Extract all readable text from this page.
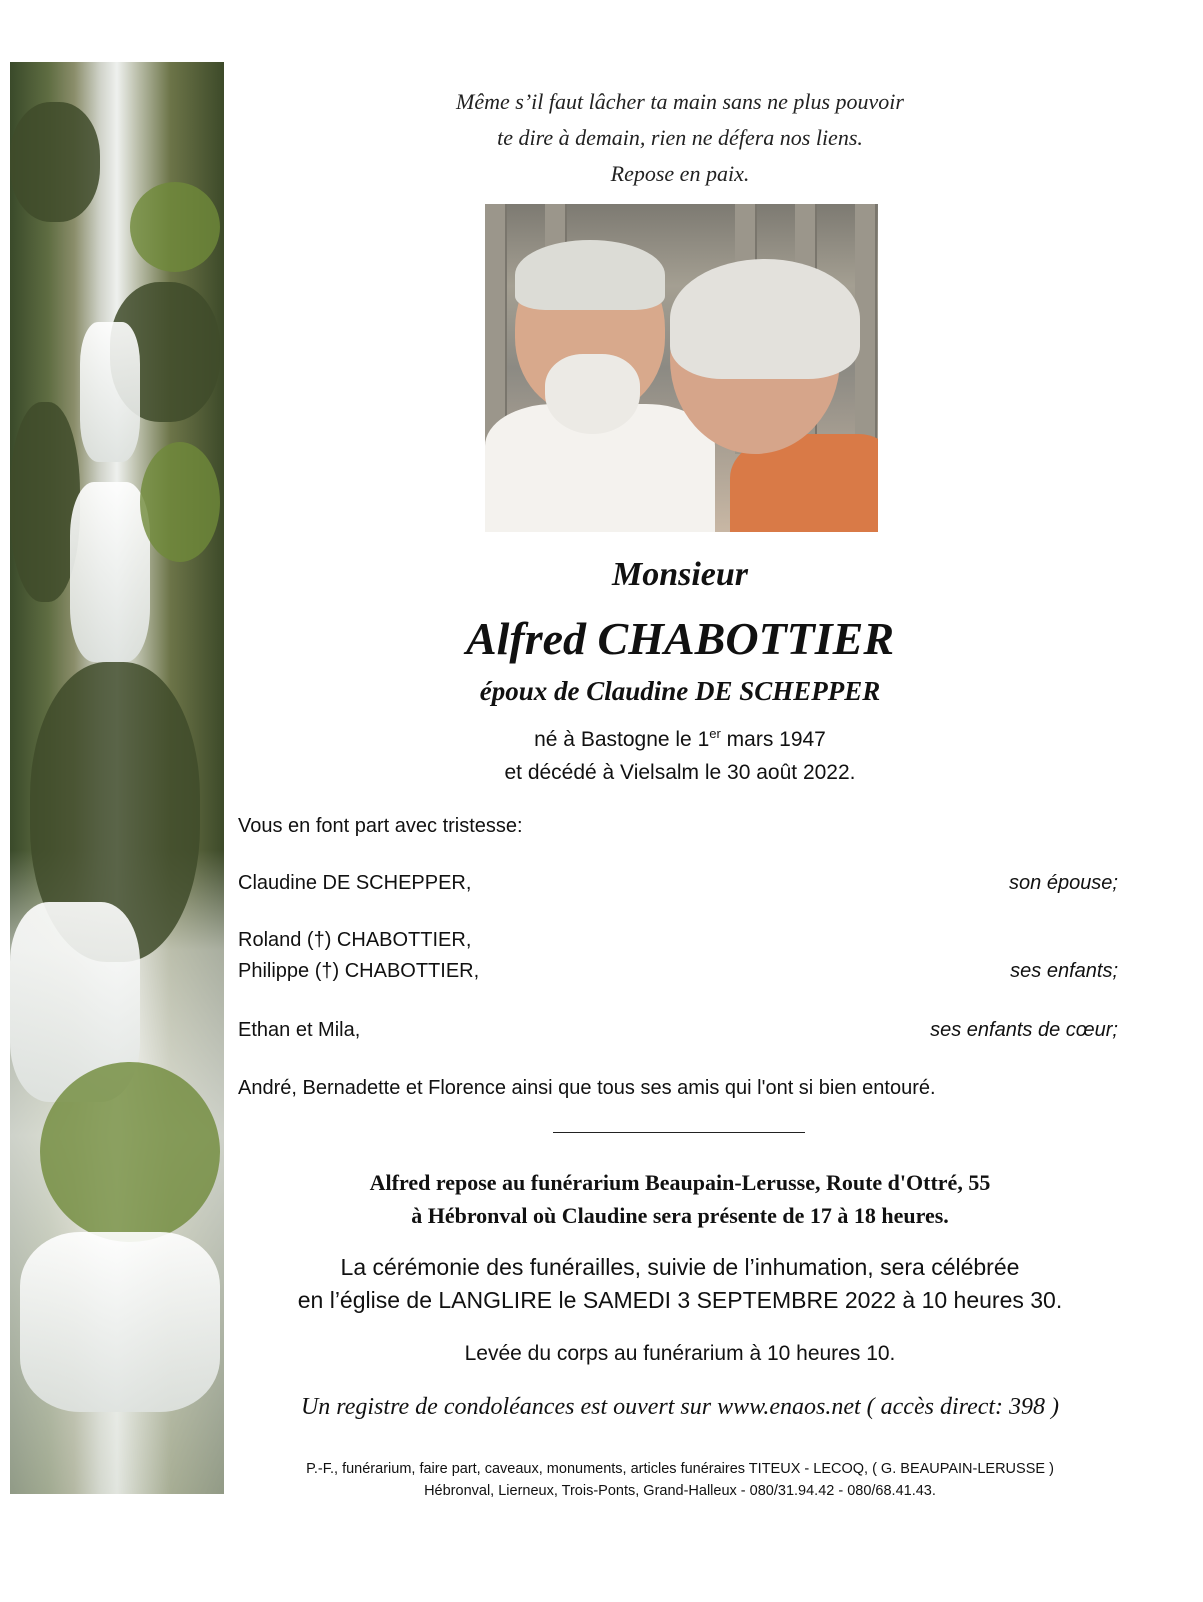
Même s’il faut lâcher ta main sans ne plus pouvoir
te dire à demain, rien ne défera nos liens.
Repose en paix.
Monsieur
Alfred CHABOTTIER
époux de Claudine DE SCHEPPER
né à Bastogne le 1er mars 1947
et décédé à Vielsalm le 30 août 2022.
Vous en font part avec tristesse:
Claudine DE SCHEPPER,	son épouse;
Roland (†) CHABOTTIER,
Philippe (†) CHABOTTIER,	ses enfants;
Ethan et Mila,	ses enfants de cœur;
André, Bernadette et Florence ainsi que tous ses amis qui l'ont si bien entouré.
Alfred repose au funérarium Beaupain-Lerusse, Route d'Ottré, 55
à Hébronval où Claudine sera présente de 17 à 18 heures.
La cérémonie des funérailles, suivie de l’inhumation, sera célébrée
en l’église de LANGLIRE le SAMEDI 3 SEPTEMBRE 2022 à 10 heures 30.
Levée du corps au funérarium à 10 heures 10.
Un registre de condoléances est ouvert sur www.enaos.net ( accès direct: 398 )
P.-F., funérarium, faire part, caveaux, monuments, articles funéraires TITEUX - LECOQ, ( G. BEAUPAIN-LERUSSE )
Hébronval, Lierneux, Trois-Ponts, Grand-Halleux - 080/31.94.42 - 080/68.41.43.
